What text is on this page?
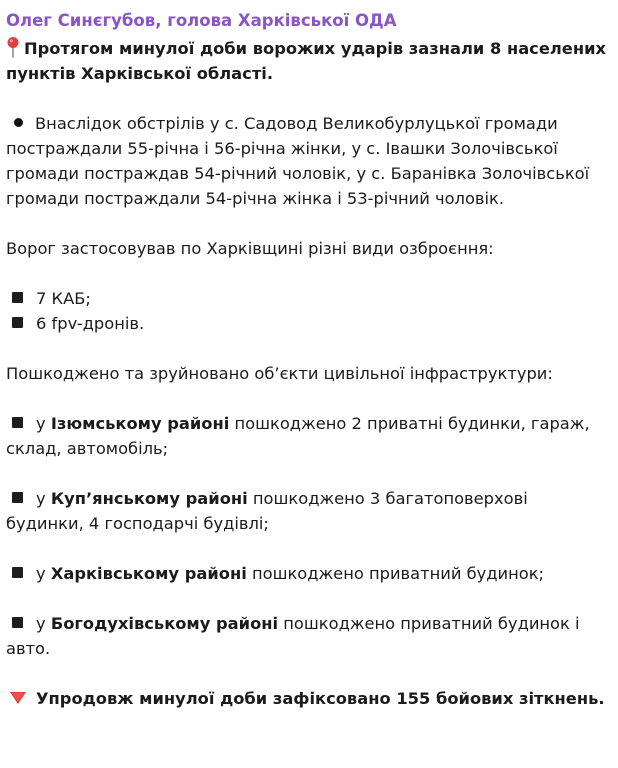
Олег Синєгубов, голова Харківської ОДА
Протягом минулої доби ворожих ударів зазнали 8 населених пунктів Харківської області.
Внаслідок обстрілів у с. Садовод Великобурлуцької громади постраждали 55-річна і 56-річна жінки, у с. Івашки Золочівської громади постраждав 54-річний чоловік, у с. Баранівка Золочівської громади постраждали 54-річна жінка і 53-річний чоловік.
Ворог застосовував по Харківщині різні види озброєння:
7 КАБ;
6 fpv-дронів.
Пошкоджено та зруйновано об’єкти цивільної інфраструктури:
у Ізюмському районі пошкоджено 2 приватні будинки, гараж, склад, автомобіль;
у Куп’янському районі пошкоджено 3 багатоповерхові будинки, 4 господарчі будівлі;
у Харківському районі пошкоджено приватний будинок;
у Богодухівському районі пошкоджено приватний будинок і авто.
Упродовж минулої доби зафіксовано 155 бойових зіткнень.
